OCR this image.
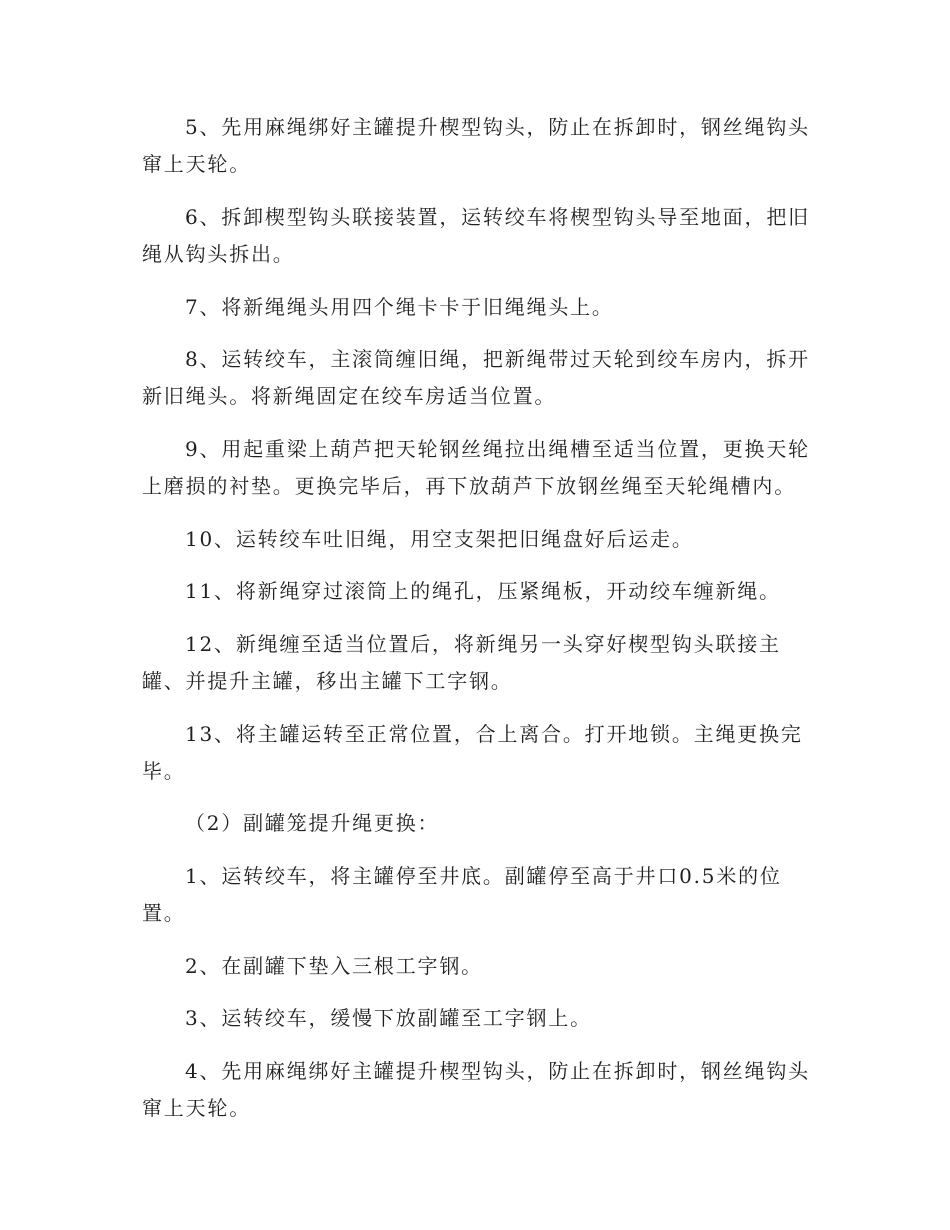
5、先用麻绳绑好主罐提升楔型钩头，防止在拆卸时，钢丝绳钩头
窜上天轮。
6、拆卸楔型钩头联接装置，运转绞车将楔型钩头导至地面，把旧
绳从钩头拆出。
7、将新绳绳头用四个绳卡卡于旧绳绳头上。
8、运转绞车，主滚筒缠旧绳，把新绳带过天轮到绞车房内，拆开
新旧绳头。将新绳固定在绞车房适当位置。
9、用起重梁上葫芦把天轮钢丝绳拉出绳槽至适当位置，更换天轮
上磨损的衬垫。更换完毕后，再下放葫芦下放钢丝绳至天轮绳槽内。
10、运转绞车吐旧绳，用空支架把旧绳盘好后运走。
11、将新绳穿过滚筒上的绳孔，压紧绳板，开动绞车缠新绳。
12、新绳缠至适当位置后，将新绳另一头穿好楔型钩头联接主
罐、并提升主罐，移出主罐下工字钢。
13、将主罐运转至正常位置，合上离合。打开地锁。主绳更换完
毕。
（2）副罐笼提升绳更换：
1、运转绞车，将主罐停至井底。副罐停至高于井口0.5米的位
置。
2、在副罐下垫入三根工字钢。
3、运转绞车，缓慢下放副罐至工字钢上。
4、先用麻绳绑好主罐提升楔型钩头，防止在拆卸时，钢丝绳钩头
窜上天轮。
